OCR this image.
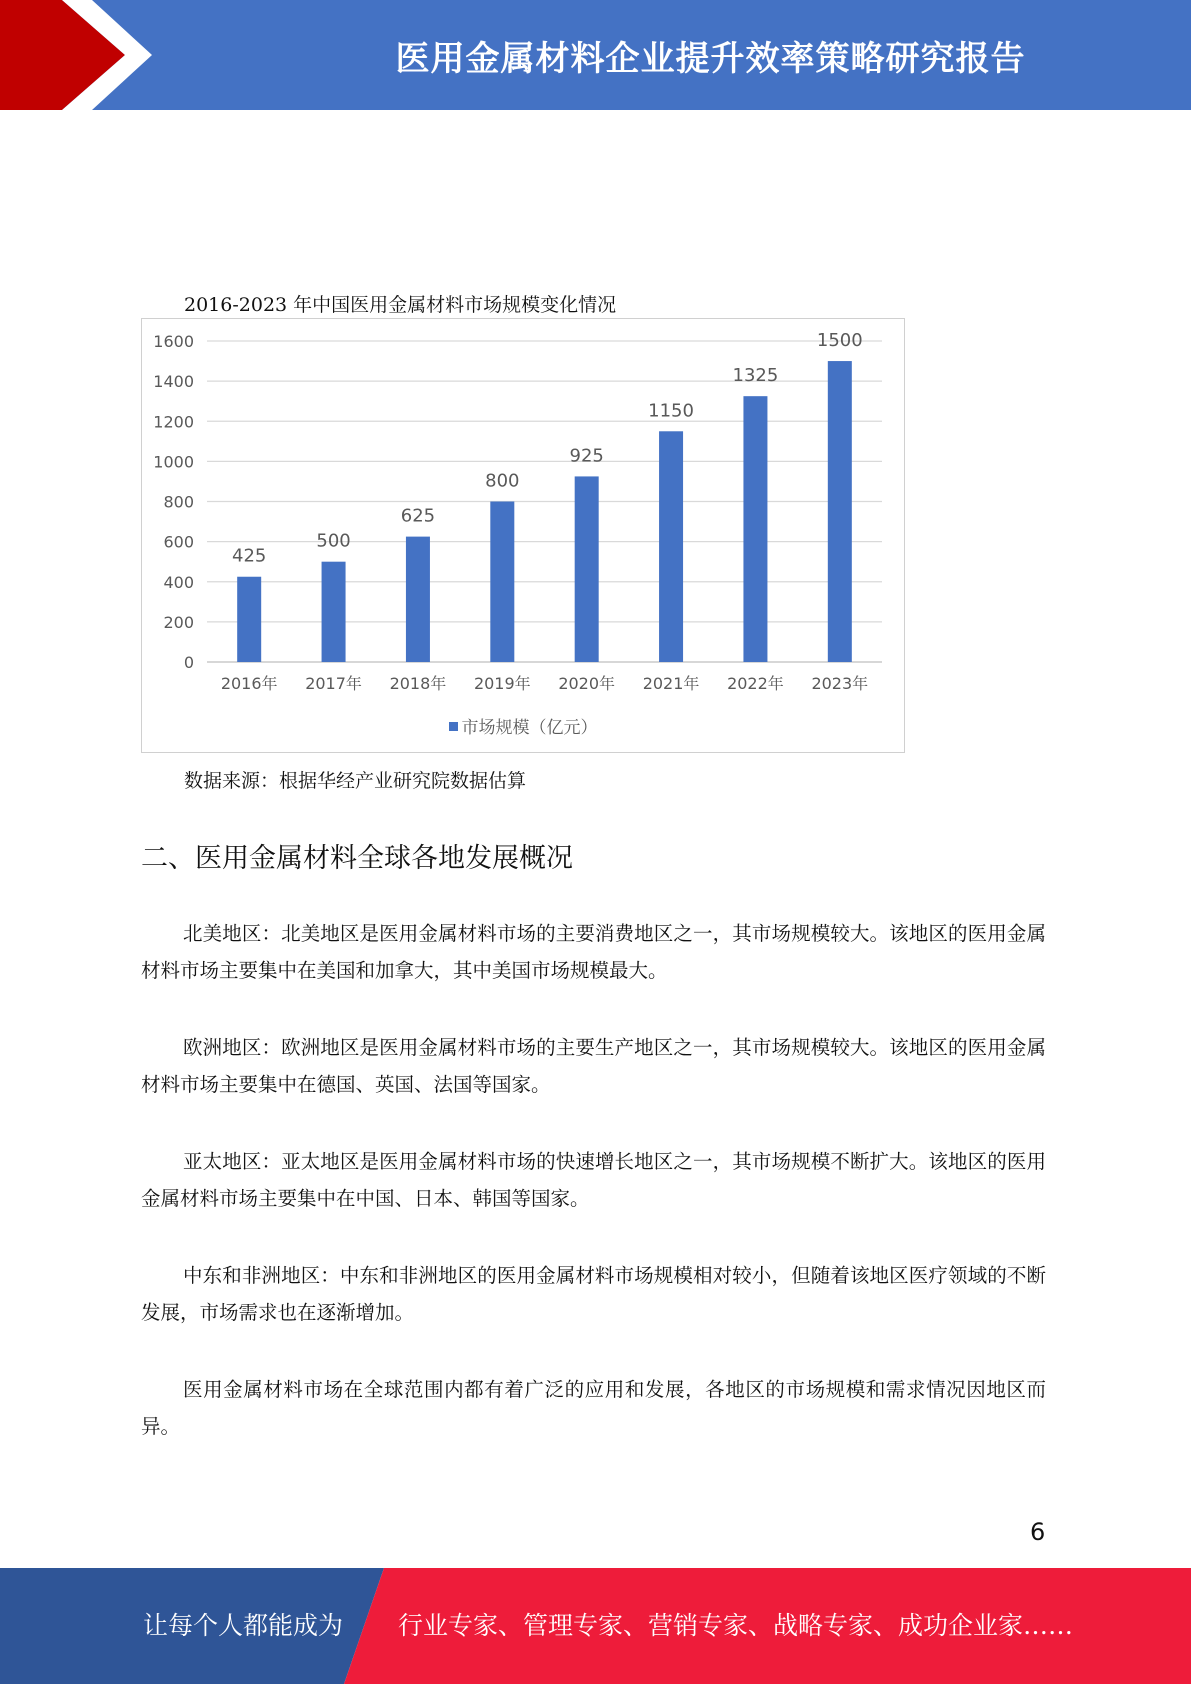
医用金属材料企业提升效率策略研究报告
2016-2023 年中国医用金属材料市场规模变化情况
0
200
400
600
800
1000
1200
1400
1600
425
2016年
500
2017年
625
2018年
800
2019年
925
2020年
1150
2021年
1325
2022年
1500
2023年
市场规模（亿元）
数据来源：根据华经产业研究院数据估算
二、医用金属材料全球各地发展概况

北美地区：北美地区是医用金属材料市场的主要消费地区之一，其市场规模较大。该地区的医用金属材料市场主要集中在美国和加拿大，其中美国市场规模最大。

欧洲地区：欧洲地区是医用金属材料市场的主要生产地区之一，其市场规模较大。该地区的医用金属材料市场主要集中在德国、英国、法国等国家。

亚太地区：亚太地区是医用金属材料市场的快速增长地区之一，其市场规模不断扩大。该地区的医用金属材料市场主要集中在中国、日本、韩国等国家。

中东和非洲地区：中东和非洲地区的医用金属材料市场规模相对较小，但随着该地区医疗领域的不断发展，市场需求也在逐渐增加。

医用金属材料市场在全球范围内都有着广泛的应用和发展，各地区的市场规模和需求情况因地区而异。

6
让每个人都能成为 行业专家、管理专家、营销专家、战略专家、成功企业家……
